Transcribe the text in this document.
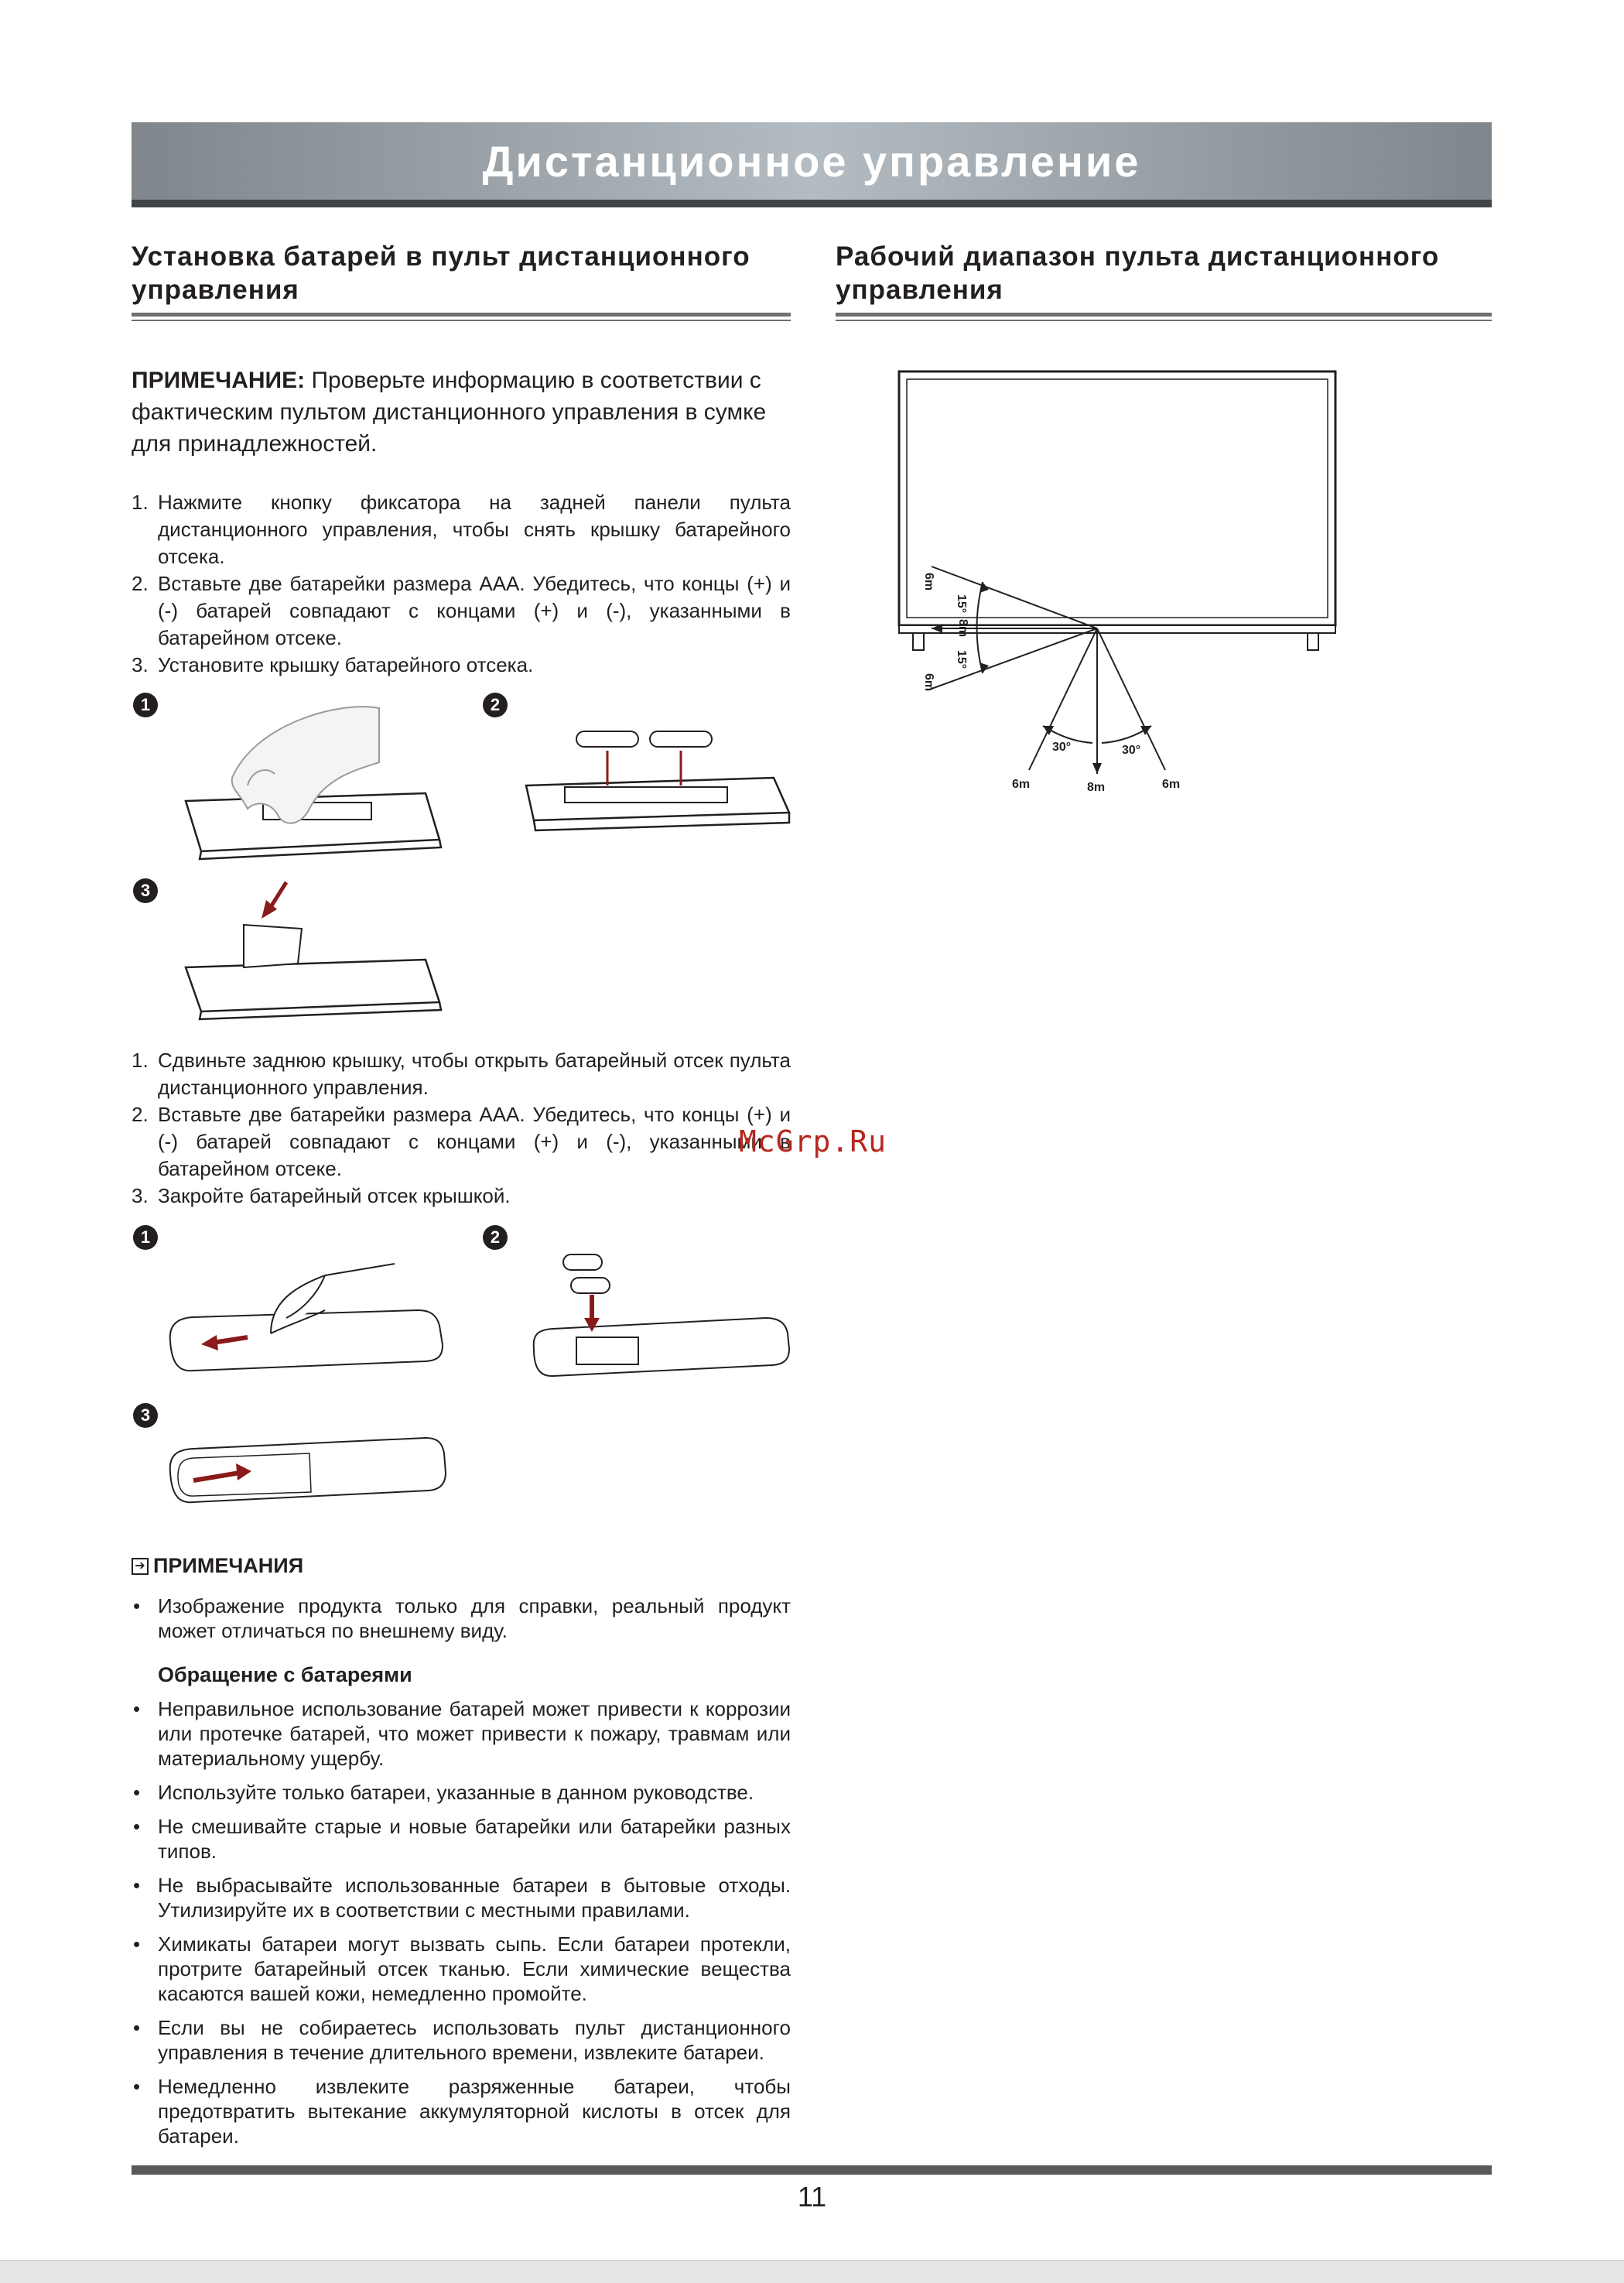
Дистанционное управление
Установка батарей в пульт дистанционного управления

ПРИМЕЧАНИЕ: Проверьте информацию в соответствии с фактическим пультом дистанционного управления в сумке для принадлежностей.

1. Нажмите кнопку фиксатора на задней панели пульта дистанционного управления, чтобы снять крышку батарейного отсека.
2. Вставьте две батарейки размера AAA. Убедитесь, что концы (+) и (-) батарей совпадают с концами (+) и (-), указанными в батарейном отсеке.
3. Установите крышку батарейного отсека.
1	2
3
1. Сдвиньте заднюю крышку, чтобы открыть батарейный отсек пульта дистанционного управления.
2. Вставьте две батарейки размера AAA. Убедитесь, что концы (+) и (-) батарей совпадают с концами (+) и (-), указанными в батарейном отсеке.
3. Закройте батарейный отсек крышкой.
1	2
3
➔ ПРИМЕЧАНИЯ
• Изображение продукта только для справки, реальный продукт может отличаться по внешнему виду.
Обращение с батареями
• Неправильное использование батарей может привести к коррозии или протечке батарей, что может привести к пожару, травмам или материальному ущербу.
• Используйте только батареи, указанные в данном руководстве.
• Не смешивайте старые и новые батарейки или батарейки разных типов.
• Не выбрасывайте использованные батареи в бытовые отходы. Утилизируйте их в соответствии с местными правилами.
• Химикаты батареи могут вызвать сыпь. Если батареи протекли, протрите батарейный отсек тканью. Если химические вещества касаются вашей кожи, немедленно промойте.
• Если вы не собираетесь использовать пульт дистанционного управления в течение длительного времени, извлеките батареи.
• Немедленно извлеките разряженные батареи, чтобы предотвратить вытекание аккумуляторной кислоты в отсек для батареи.
Рабочий диапазон пульта дистанционного управления
6m
15°
8m
15°
6m
6m
30°
8m
30°
6m
McGrp.Ru
11
